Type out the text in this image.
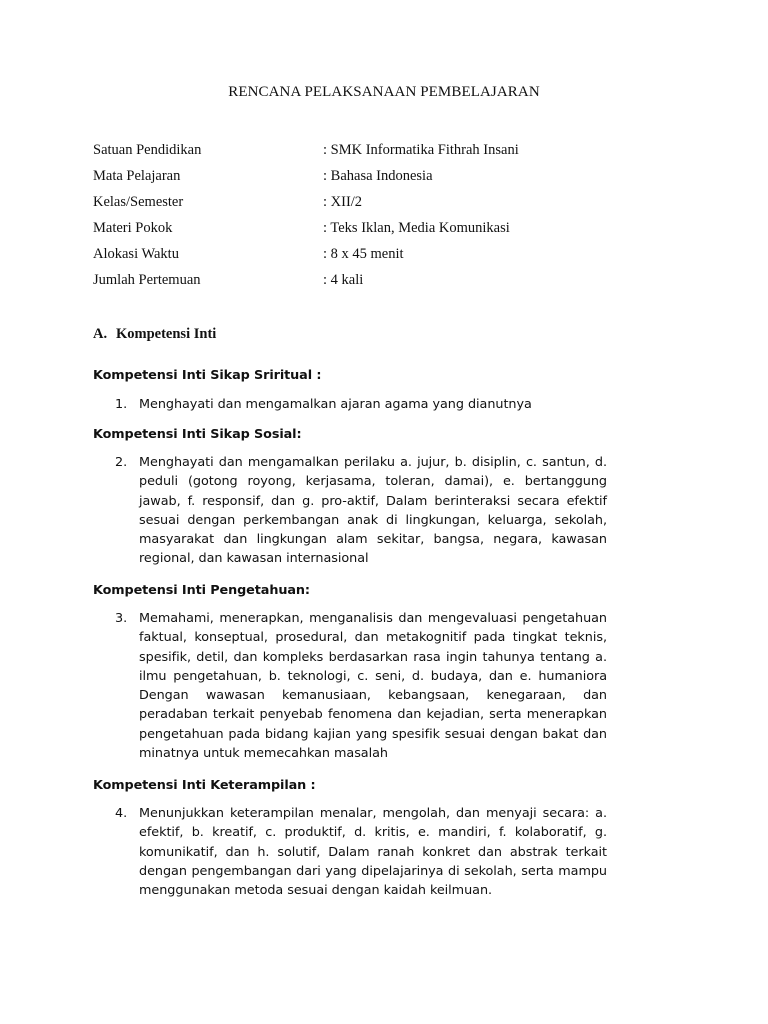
RENCANA PELAKSANAAN PEMBELAJARAN
Satuan Pendidikan	: SMK Informatika Fithrah Insani
Mata Pelajaran	: Bahasa Indonesia
Kelas/Semester	: XII/2
Materi Pokok	: Teks Iklan, Media Komunikasi
Alokasi Waktu	: 8 x 45 menit
Jumlah Pertemuan	: 4 kali
A. Kompetensi Inti
Kompetensi Inti Sikap Sriritual :
1. Menghayati dan mengamalkan ajaran agama yang dianutnya
Kompetensi Inti Sikap Sosial:
2. Menghayati dan mengamalkan perilaku a. jujur, b. disiplin, c. santun, d. peduli (gotong royong, kerjasama, toleran, damai), e. bertanggung jawab, f. responsif, dan g. pro-aktif, Dalam berinteraksi secara efektif sesuai dengan perkembangan anak di lingkungan, keluarga, sekolah, masyarakat dan lingkungan alam sekitar, bangsa, negara, kawasan regional, dan kawasan internasional
Kompetensi Inti Pengetahuan:
3. Memahami, menerapkan, menganalisis dan mengevaluasi pengetahuan faktual, konseptual, prosedural, dan metakognitif pada tingkat teknis, spesifik, detil, dan kompleks berdasarkan rasa ingin tahunya tentang a. ilmu pengetahuan, b. teknologi, c. seni, d. budaya, dan e. humaniora Dengan wawasan kemanusiaan, kebangsaan, kenegaraan, dan peradaban terkait penyebab fenomena dan kejadian, serta menerapkan pengetahuan pada bidang kajian yang spesifik sesuai dengan bakat dan minatnya untuk memecahkan masalah
Kompetensi Inti Keterampilan :
4. Menunjukkan keterampilan menalar, mengolah, dan menyaji secara: a. efektif, b. kreatif, c. produktif, d. kritis, e. mandiri, f. kolaboratif, g. komunikatif, dan h. solutif, Dalam ranah konkret dan abstrak terkait dengan pengembangan dari yang dipelajarinya di sekolah, serta mampu menggunakan metoda sesuai dengan kaidah keilmuan.
